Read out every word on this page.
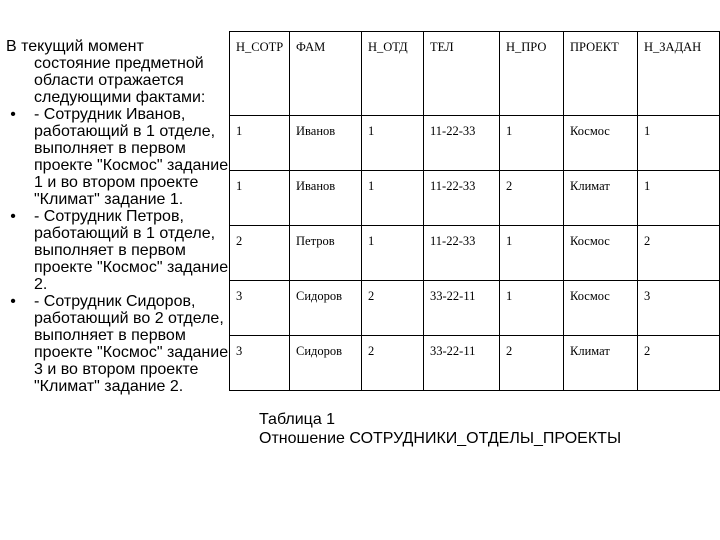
В текущий момент
состояние предметной области отражается следующими фактами:
• - Сотрудник Иванов, работающий в 1 отделе, выполняет в первом проекте "Космос" задание 1 и во втором проекте "Климат" задание 1.
• - Сотрудник Петров, работающий в 1 отделе, выполняет в первом проекте "Космос" задание 2.
• - Сотрудник Сидоров, работающий во 2 отделе, выполняет в первом проекте "Космос" задание 3 и во втором проекте "Климат" задание 2.
Н_СОТР	ФАМ	Н_ОТД	ТЕЛ	Н_ПРО	ПРОЕКТ	Н_ЗАДАН
1	Иванов	1	11-22-33	1	Космос	1
1	Иванов	1	11-22-33	2	Климат	1
2	Петров	1	11-22-33	1	Космос	2
3	Сидоров	2	33-22-11	1	Космос	3
3	Сидоров	2	33-22-11	2	Климат	2
Таблица 1
Отношение СОТРУДНИКИ_ОТДЕЛЫ_ПРОЕКТЫ
